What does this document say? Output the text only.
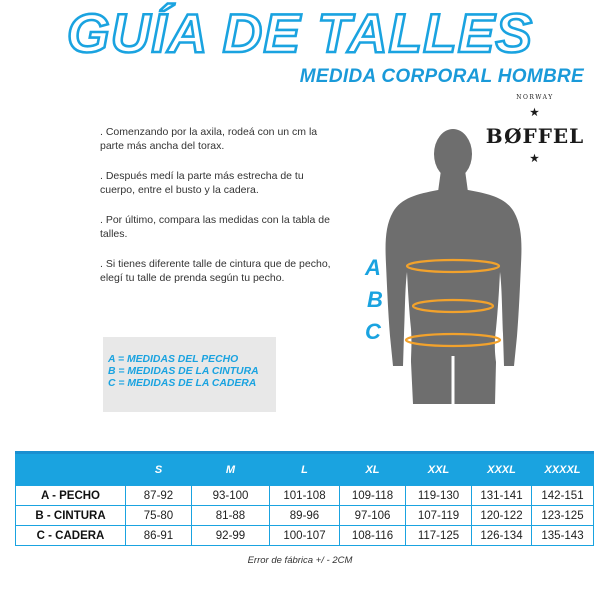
GUÍA DE TALLES
MEDIDA CORPORAL HOMBRE
NORWAY
★ BØFFEL ★
. Comenzando por la axila, rodeá con un cm la parte más ancha del torax.
. Después medí la parte más estrecha de tu cuerpo, entre el busto y la cadera.
. Por último, compara las medidas con la tabla de talles.
. Si tienes diferente talle de cintura que de pecho, elegí tu talle de prenda según tu pecho.
A = MEDIDAS DEL PECHO
B = MEDIDAS DE LA CINTURA
C = MEDIDAS DE LA CADERA
A
B
C
	S	M	L	XL	XXL	XXXL	XXXXL
A - PECHO	87-92	93-100	101-108	109-118	119-130	131-141	142-151
B - CINTURA	75-80	81-88	89-96	97-106	107-119	120-122	123-125
C - CADERA	86-91	92-99	100-107	108-116	117-125	126-134	135-143
Error de fábrica +/ - 2CM
